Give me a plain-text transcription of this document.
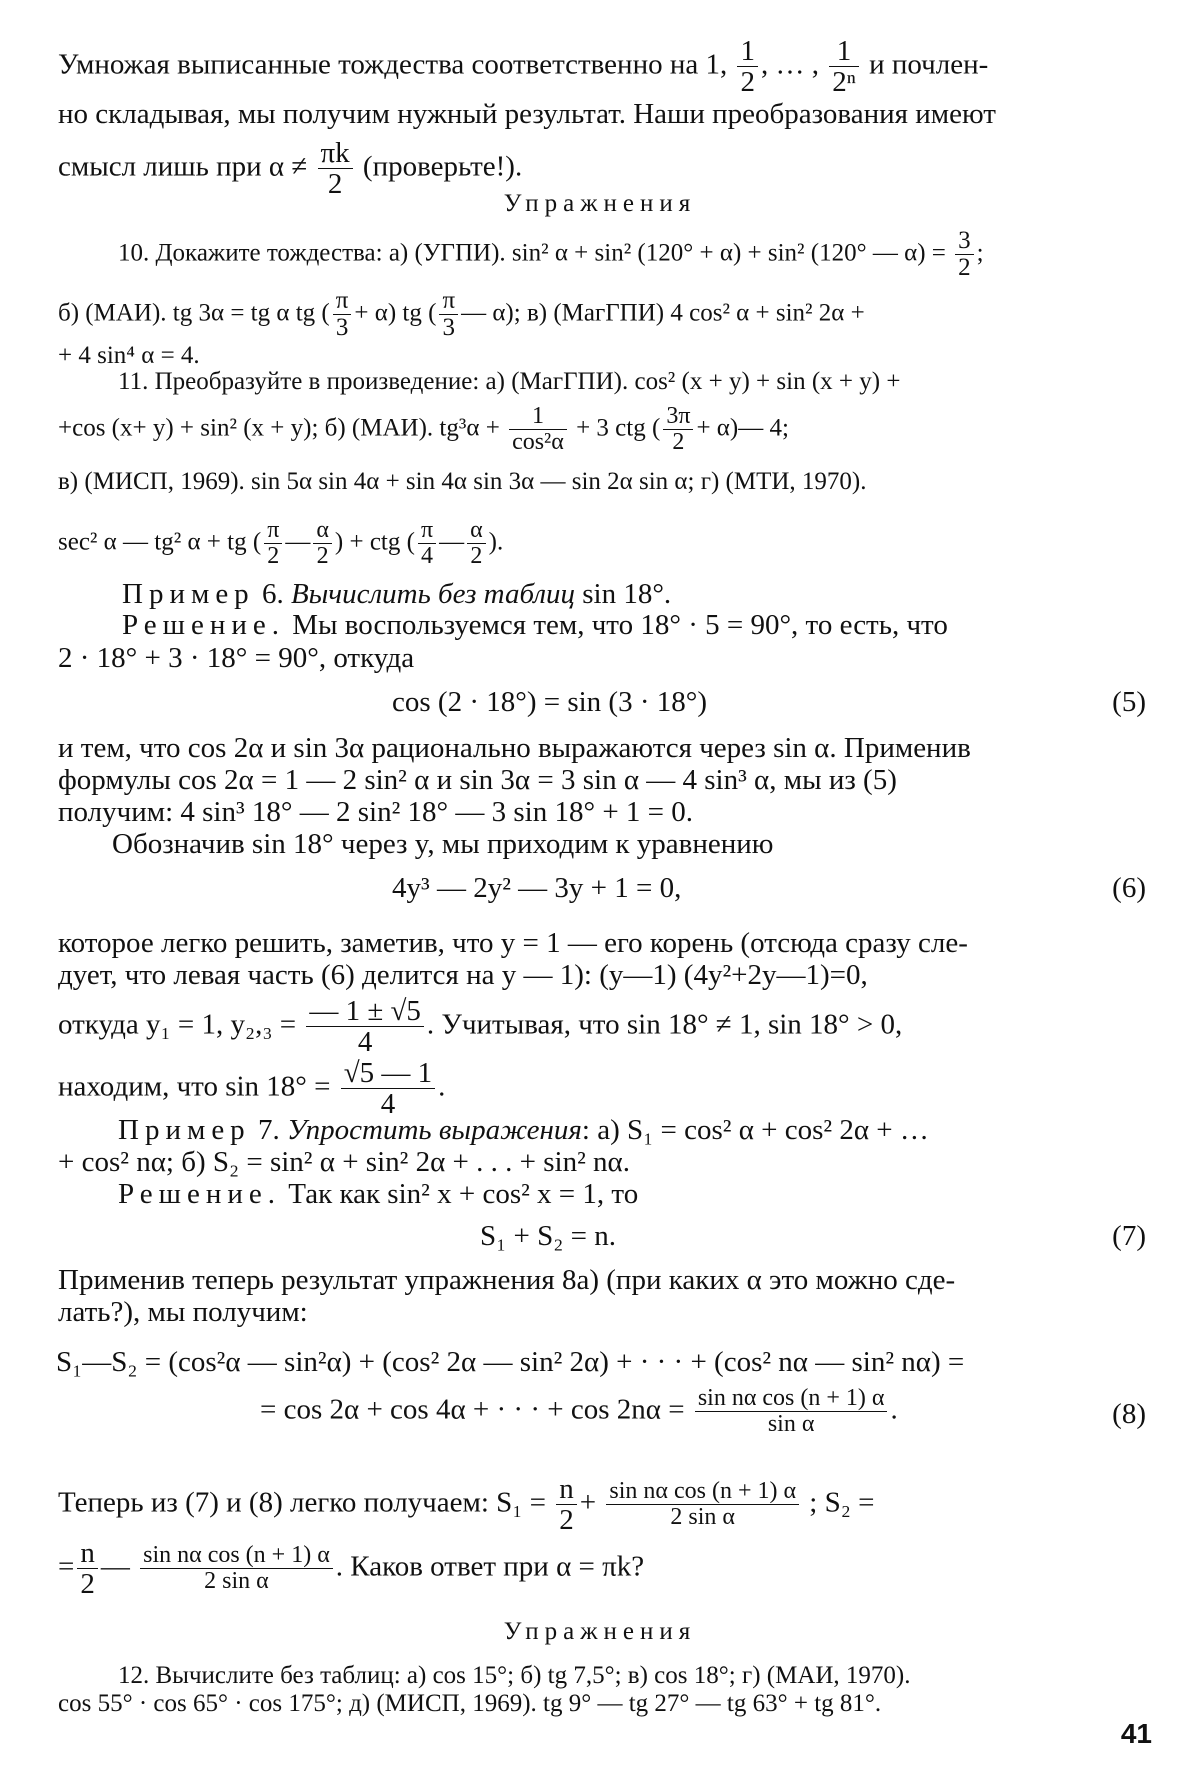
Умножая выписанные тождества соответственно на 1, $\frac{1}{2}$ , … , $\frac{1}{\text{2ⁿ}}$ и почлен-
но складывая, мы получим нужный результат. Наши преобразования имеют
смысл лишь при $\alpha \ne \frac{\pi k}{2}$ (проверьте!).
Упражнения
10. Докажите тождества: а) (УГПИ). sin² α + sin² (120° + α) + sin² (120° — $\alpha) = \frac{3}{2}$ ;
б) (МАИ). tg 3α = tg α tg ( $\frac{\pi}{3} + \alpha$) tg ( $\frac{\pi}{3}$ — α); в) (МагГПИ) 4 cos² α + sin² 2α +
+ 4 sin⁴ α = 4.
11. Преобразуйте в произведение: а) (МагГПИ). cos² (x + y) + sin (x + y) +
+cos (x+ y) + sin² (x + y); б) (МАИ). $tg^3\alpha + \frac{1}{\text{cos²α}} + 3$ ctg ( $\frac{3\pi}{2}$ + α)— 4;
в) (МИСП, 1969). sin 5α sin 4α + sin 4α sin 3α — sin 2α sin α; г) (МТИ, 1970).
sec² α — tg² α + tg ( $\frac{\pi}{2}$ — $\frac{\alpha}{2}$ ) + ctg ( $\frac{\pi}{4}$ — $\frac{\alpha}{2}$ ).
Пример 6. Вычислить без таблиц sin 18°.
Решение. Мы воспользуемся тем, что 18° · 5 = 90°, то есть, что
2 · 18° + 3 · 18° = 90°, откуда
cos (2 · 18°) = sin (3 · 18°)	(5)
и тем, что cos 2α и sin 3α рационально выражаются через sin α. Применив
формулы cos 2α = 1 — 2 sin² α и sin 3α = 3 sin α — 4 sin³ α, мы из (5)
получим: 4 sin³ 18° — 2 sin² 18° — 3 sin 18° + 1 = 0.
Обозначив sin 18° через y, мы приходим к уравнению
4y³ — 2y² — 3y + 1 = 0,	(6)
которое легко решить, заметив, что y = 1 — его корень (отсюда сразу сле-
дует, что левая часть (6) делится на y — 1): (y—1) (4y²+2y—1)=0,
откуда y₁ = 1, $y_2,_3 = \frac{— 1 \pm √5}{4}$ . Учитывая, что sin 18° ≠ 1, sin 18° > 0,
находим, что $\sin 18^\circ = \frac{√5 — 1}{4}$ .
Пример 7. Упростить выражения: а) S₁ = cos² α + cos² 2α + …
+ cos² nα; б) S₂ = sin² α + sin² 2α + . . . + sin² nα.
Решение. Так как sin² x + cos² x = 1, то
S₁ + S₂ = n.	(7)
Применив теперь результат упражнения 8а) (при каких α это можно сде-
лать?), мы получим:
S₁—S₂ = (cos²α — sin²α) + (cos² 2α — sin² 2α) + · · · + (cos² nα — sin² nα) =
= cos 2α + cos 4α + · · · + $\cos 2n\alpha = \frac{\text{sin nα cos (n + 1) α}}{\text{sin α}}$ .	(8)
Теперь из (7) и (8) легко получаем: $S_1 = \frac{n}{2} + \frac{\text{sin nα cos (n + 1) α}}{\text{2 sin α}}$ ; S₂ =
= $\frac{n}{2}$ — $\frac{\text{sin nα cos (n + 1) α}}{\text{2 sin α}}$ . Каков ответ при α = πk?
Упражнения
12. Вычислите без таблиц: а) cos 15°; б) tg 7,5°; в) cos 18°; г) (МАИ, 1970).
cos 55° · cos 65° · cos 175°; д) (МИСП, 1969). tg 9° — tg 27° — tg 63° + tg 81°.
41
